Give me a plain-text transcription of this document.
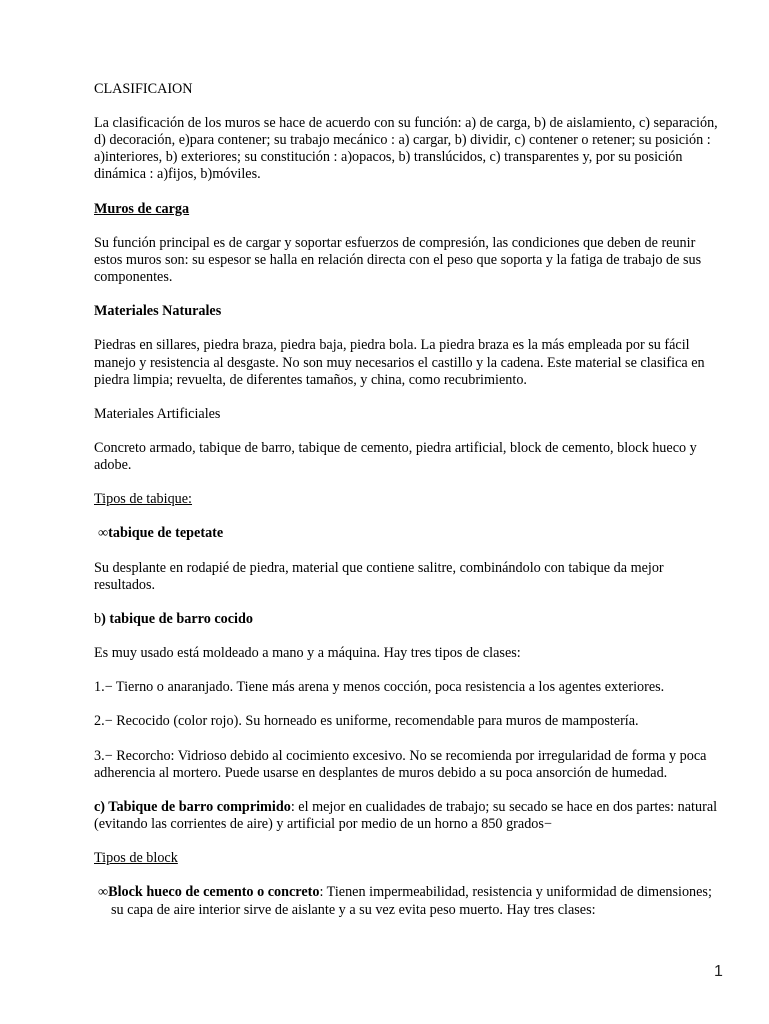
CLASIFICAION

La clasificación de los muros se hace de acuerdo con su función: a) de carga, b) de aislamiento, c) separación, d) decoración, e)para contener; su trabajo mecánico : a) cargar, b) dividir, c) contener o retener; su posición : a)interiores, b) exteriores; su constitución : a)opacos, b) translúcidos, c) transparentes y, por su posición dinámica : a)fijos, b)móviles.

Muros de carga

Su función principal es de cargar y soportar esfuerzos de compresión, las condiciones que deben de reunir estos muros son: su espesor se halla en relación directa con el peso que soporta y la fatiga de trabajo de sus componentes.

Materiales Naturales

Piedras en sillares, piedra braza, piedra baja, piedra bola. La piedra braza es la más empleada por su fácil manejo y resistencia al desgaste. No son muy necesarios el castillo y la cadena. Este material se clasifica en piedra limpia; revuelta, de diferentes tamaños, y china, como recubrimiento.

Materiales Artificiales

Concreto armado, tabique de barro, tabique de cemento, piedra artificial, block de cemento, block hueco y adobe.

Tipos de tabique:

∞tabique de tepetate

Su desplante en rodapié de piedra, material que contiene salitre, combinándolo con tabique da mejor resultados.

b) tabique de barro cocido

Es muy usado está moldeado a mano y a máquina. Hay tres tipos de clases:

1.− Tierno o anaranjado. Tiene más arena y menos cocción, poca resistencia a los agentes exteriores.

2.− Recocido (color rojo). Su horneado es uniforme, recomendable para muros de mampostería.

3.− Recorcho: Vidrioso debido al cocimiento excesivo. No se recomienda por irregularidad de forma y poca adherencia al mortero. Puede usarse en desplantes de muros debido a su poca ansorción de humedad.

c) Tabique de barro comprimido: el mejor en cualidades de trabajo; su secado se hace en dos partes: natural (evitando las corrientes de aire) y artificial por medio de un horno a 850 grados−

Tipos de block

∞Block hueco de cemento o concreto: Tienen impermeabilidad, resistencia y uniformidad de dimensiones; su capa de aire interior sirve de aislante y a su vez evita peso muerto. Hay tres clases:

1
